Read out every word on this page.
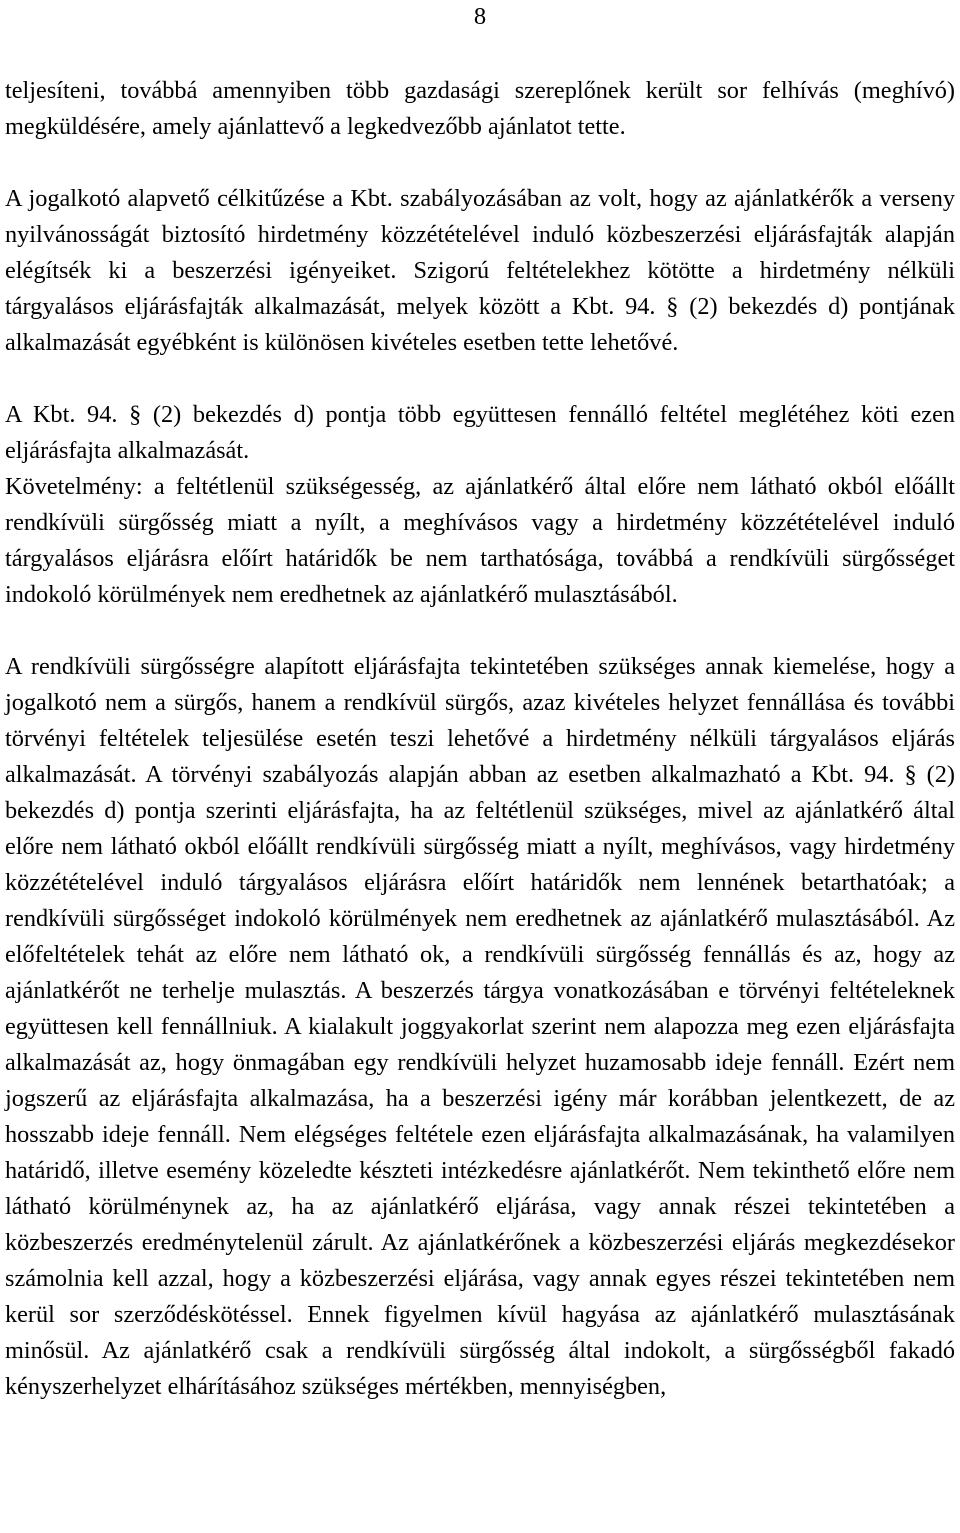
8

teljesíteni, továbbá amennyiben több gazdasági szereplőnek került sor felhívás (meghívó) megküldésére, amely ajánlattevő a legkedvezőbb ajánlatot tette.

A jogalkotó alapvető célkitűzése a Kbt. szabályozásában az volt, hogy az ajánlatkérők a verseny nyilvánosságát biztosító hirdetmény közzétételével induló közbeszerzési eljárásfajták alapján elégítsék ki a beszerzési igényeiket. Szigorú feltételekhez kötötte a hirdetmény nélküli tárgyalásos eljárásfajták alkalmazását, melyek között a Kbt. 94. § (2) bekezdés d) pontjának alkalmazását egyébként is különösen kivételes esetben tette lehetővé.

A Kbt. 94. § (2) bekezdés d) pontja több együttesen fennálló feltétel meglétéhez köti ezen eljárásfajta alkalmazását.

Követelmény: a feltétlenül szükségesség, az ajánlatkérő által előre nem látható okból előállt rendkívüli sürgősség miatt a nyílt, a meghívásos vagy a hirdetmény közzétételével induló tárgyalásos eljárásra előírt határidők be nem tarthatósága, továbbá a rendkívüli sürgősséget indokoló körülmények nem eredhetnek az ajánlatkérő mulasztásából.

A rendkívüli sürgősségre alapított eljárásfajta tekintetében szükséges annak kiemelése, hogy a jogalkotó nem a sürgős, hanem a rendkívül sürgős, azaz kivételes helyzet fennállása és további törvényi feltételek teljesülése esetén teszi lehetővé a hirdetmény nélküli tárgyalásos eljárás alkalmazását. A törvényi szabályozás alapján abban az esetben alkalmazható a Kbt. 94. § (2) bekezdés d) pontja szerinti eljárásfajta, ha az feltétlenül szükséges, mivel az ajánlatkérő által előre nem látható okból előállt rendkívüli sürgősség miatt a nyílt, meghívásos, vagy hirdetmény közzétételével induló tárgyalásos eljárásra előírt határidők nem lennének betarthatóak; a rendkívüli sürgősséget indokoló körülmények nem eredhetnek az ajánlatkérő mulasztásából. Az előfeltételek tehát az előre nem látható ok, a rendkívüli sürgősség fennállás és az, hogy az ajánlatkérőt ne terhelje mulasztás. A beszerzés tárgya vonatkozásában e törvényi feltételeknek együttesen kell fennállniuk. A kialakult joggyakorlat szerint nem alapozza meg ezen eljárásfajta alkalmazását az, hogy önmagában egy rendkívüli helyzet huzamosabb ideje fennáll. Ezért nem jogszerű az eljárásfajta alkalmazása, ha a beszerzési igény már korábban jelentkezett, de az hosszabb ideje fennáll. Nem elégséges feltétele ezen eljárásfajta alkalmazásának, ha valamilyen határidő, illetve esemény közeledte készteti intézkedésre ajánlatkérőt. Nem tekinthető előre nem látható körülménynek az, ha az ajánlatkérő eljárása, vagy annak részei tekintetében a közbeszerzés eredménytelenül zárult. Az ajánlatkérőnek a közbeszerzési eljárás megkezdésekor számolnia kell azzal, hogy a közbeszerzési eljárása, vagy annak egyes részei tekintetében nem kerül sor szerződéskötéssel. Ennek figyelmen kívül hagyása az ajánlatkérő mulasztásának minősül. Az ajánlatkérő csak a rendkívüli sürgősség által indokolt, a sürgősségből fakadó kényszerhelyzet elhárításához szükséges mértékben, mennyiségben,
